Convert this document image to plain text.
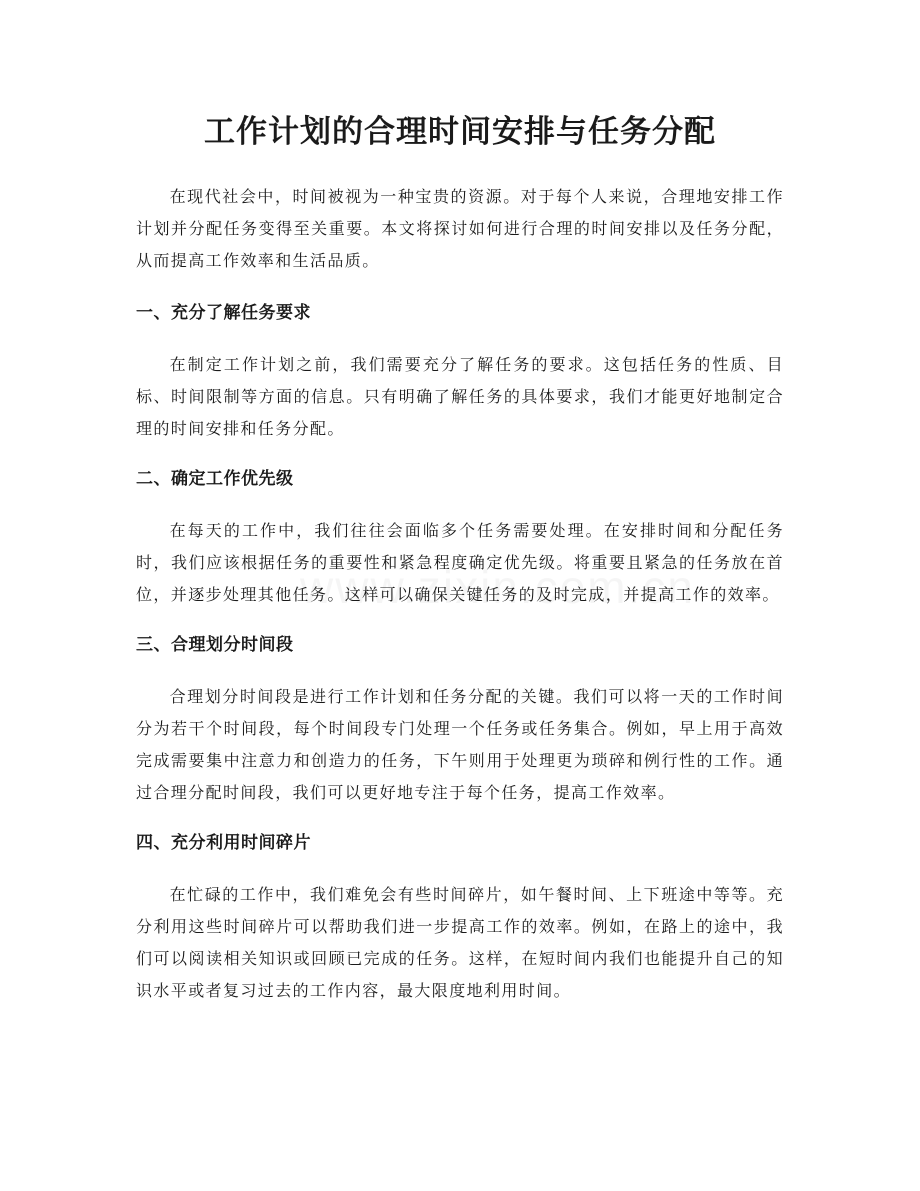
工作计划的合理时间安排与任务分配

在现代社会中，时间被视为一种宝贵的资源。对于每个人来说，合理地安排工作计划并分配任务变得至关重要。本文将探讨如何进行合理的时间安排以及任务分配，从而提高工作效率和生活品质。

一、充分了解任务要求

在制定工作计划之前，我们需要充分了解任务的要求。这包括任务的性质、目标、时间限制等方面的信息。只有明确了解任务的具体要求，我们才能更好地制定合理的时间安排和任务分配。

二、确定工作优先级

在每天的工作中，我们往往会面临多个任务需要处理。在安排时间和分配任务时，我们应该根据任务的重要性和紧急程度确定优先级。将重要且紧急的任务放在首位，并逐步处理其他任务。这样可以确保关键任务的及时完成，并提高工作的效率。

三、合理划分时间段

合理划分时间段是进行工作计划和任务分配的关键。我们可以将一天的工作时间分为若干个时间段，每个时间段专门处理一个任务或任务集合。例如，早上用于高效完成需要集中注意力和创造力的任务，下午则用于处理更为琐碎和例行性的工作。通过合理分配时间段，我们可以更好地专注于每个任务，提高工作效率。

四、充分利用时间碎片

在忙碌的工作中，我们难免会有些时间碎片，如午餐时间、上下班途中等等。充分利用这些时间碎片可以帮助我们进一步提高工作的效率。例如，在路上的途中，我们可以阅读相关知识或回顾已完成的任务。这样，在短时间内我们也能提升自己的知识水平或者复习过去的工作内容，最大限度地利用时间。
